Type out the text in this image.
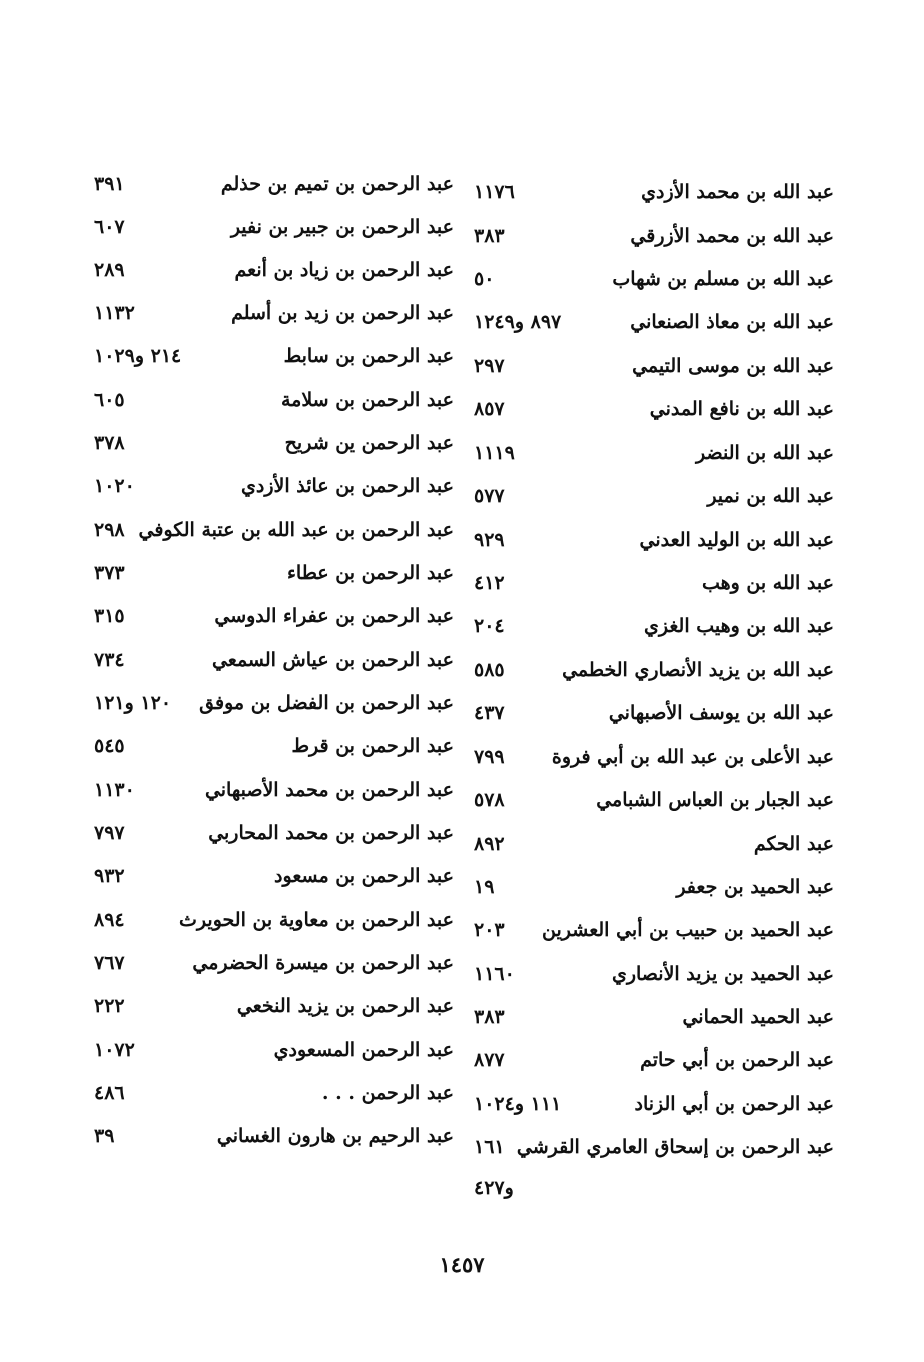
عبد الله بن محمد الأزدي
١١٧٦
عبد الله بن محمد الأزرقي
٣٨٣
عبد الله بن مسلم بن شهاب
٥٠
عبد الله بن معاذ الصنعاني
٨٩٧ و١٢٤٩
عبد الله بن موسى التيمي
٢٩٧
عبد الله بن نافع المدني
٨٥٧
عبد الله بن النضر
١١١٩
عبد الله بن نمير
٥٧٧
عبد الله بن الوليد العدني
٩٢٩
عبد الله بن وهب
٤١٢
عبد الله بن وهيب الغزي
٢٠٤
عبد الله بن يزيد الأنصاري الخطمي
٥٨٥
عبد الله بن يوسف الأصبهاني
٤٣٧
عبد الأعلى بن عبد الله بن أبي فروة
٧٩٩
عبد الجبار بن العباس الشبامي
٥٧٨
عبد الحكم
٨٩٢
عبد الحميد بن جعفر
١٩
عبد الحميد بن حبيب بن أبي العشرين
٢٠٣
عبد الحميد بن يزيد الأنصاري
١١٦٠
عبد الحميد الحماني
٣٨٣
عبد الرحمن بن أبي حاتم
٨٧٧
عبد الرحمن بن أبي الزناد
١١١ و١٠٢٤
عبد الرحمن بن إسحاق العامري القرشي
١٦١
و٤٢٧
عبد الرحمن بن تميم بن حذلم
٣٩١
عبد الرحمن بن جبير بن نفير
٦٠٧
عبد الرحمن بن زياد بن أنعم
٢٨٩
عبد الرحمن بن زيد بن أسلم
١١٣٢
عبد الرحمن بن سابط
٢١٤ و١٠٢٩
عبد الرحمن بن سلامة
٦٠٥
عبد الرحمن ين شريح
٣٧٨
عبد الرحمن بن عائذ الأزدي
١٠٢٠
عبد الرحمن بن عبد الله بن عتبة الكوفي
٢٩٨
عبد الرحمن بن عطاء
٣٧٣
عبد الرحمن بن عفراء الدوسي
٣١٥
عبد الرحمن بن عياش السمعي
٧٣٤
عبد الرحمن بن الفضل بن موفق
١٢٠ و١٢١
عبد الرحمن بن قرط
٥٤٥
عبد الرحمن بن محمد الأصبهاني
١١٣٠
عبد الرحمن بن محمد المحاربي
٧٩٧
عبد الرحمن بن مسعود
٩٣٢
عبد الرحمن بن معاوية بن الحويرث
٨٩٤
عبد الرحمن بن ميسرة الحضرمي
٧٦٧
عبد الرحمن بن يزيد النخعي
٢٢٢
عبد الرحمن المسعودي
١٠٧٢
عبد الرحمن . . .
٤٨٦
عبد الرحيم بن هارون الغساني
٣٩
١٤٥٧
